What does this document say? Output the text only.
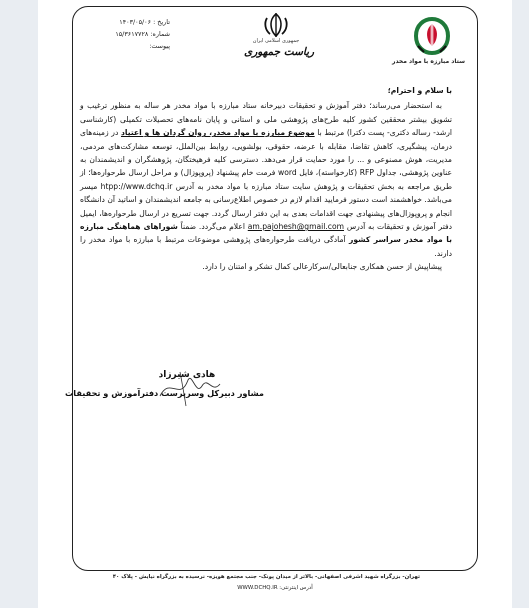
تاریخ : ۱۴۰۳/۰۵/۰۶
شماره: ۱۵/۳۶۱۷۷۲۸
پیوست:
جمهوری اسلامی ایران
ریاست جمهوری
ستاد مبارزه با مواد مخدر
با سلام و احترام؛

به استحضار می‌رساند؛ دفتر آموزش و تحقیقات دبیرخانه ستاد مبارزه با مواد مخدر هر ساله به منظور ترغیب و تشویق بیشتر محققین کشور کلیه طرح‌های پژوهشی ملی و استانی و پایان نامه‌های تحصیلات تکمیلی (کارشناسی ارشد- رساله دکتری- پست دکترا) مرتبط با موضوع مبارزه با مواد مخدر، روان گردان ها و اعتیاد در زمینه‌های درمان، پیشگیری، کاهش تقاضا، مقابله با عرضه، حقوقی، بولشویی، روابط بین‌الملل، توسعه مشارکت‌های مردمی، مدیریت، هوش مصنوعی و ... را مورد حمایت قرار می‌دهد. دسترسی کلیه فرهیختگان، پژوهشگران و اندیشمندان به عناوین پژوهشی، جداول RFP (کارخواسته)، فایل word فرمت خام پیشنهاد (پروپوزال) و مراحل ارسال طرحواره‌ها؛ از طریق مراجعه به بخش تحقیقات و پژوهش سایت ستاد مبارزه با مواد مخدر به آدرس htpp://www.dchq.ir میسر می‌باشد. خواهشمند است دستور فرمایید اقدام لازم در خصوص اطلاع‌رسانی به جامعه اندیشمندان و اساتید آن دانشگاه انجام و پروپوزال‌های پیشنهادی جهت اقدامات بعدی به این دفتر ارسال گردد. جهت تسریع در ارسال طرحواره‌ها، ایمیل دفتر آموزش و تحقیقات به آدرس am.pajohesh@gmail.com اعلام می‌گردد. ضمناً شوراهای هماهنگی مبارزه با مواد مخدر سراسر کشور آمادگی دریافت طرحواره‌های پژوهشی موضوعات مرتبط با مبارزه با مواد مخدر را دارند.

پیشاپیش از حسن همکاری جنابعالی/سرکارعالی کمال تشکر و امتنان را دارد.

هادی شیرزاد
مشاور دبیرکل وسرپرست دفترآموزش و تحقیقات
تهران- بزرگراه شهید اشرفی اصفهانی- بالاتر از میدان پونک- جنب مجتمع هویزه- نرسیده به بزرگراه نیایش - پلاک ۴۰
آدرس اینترنتی: WWW.DCHQ.IR
